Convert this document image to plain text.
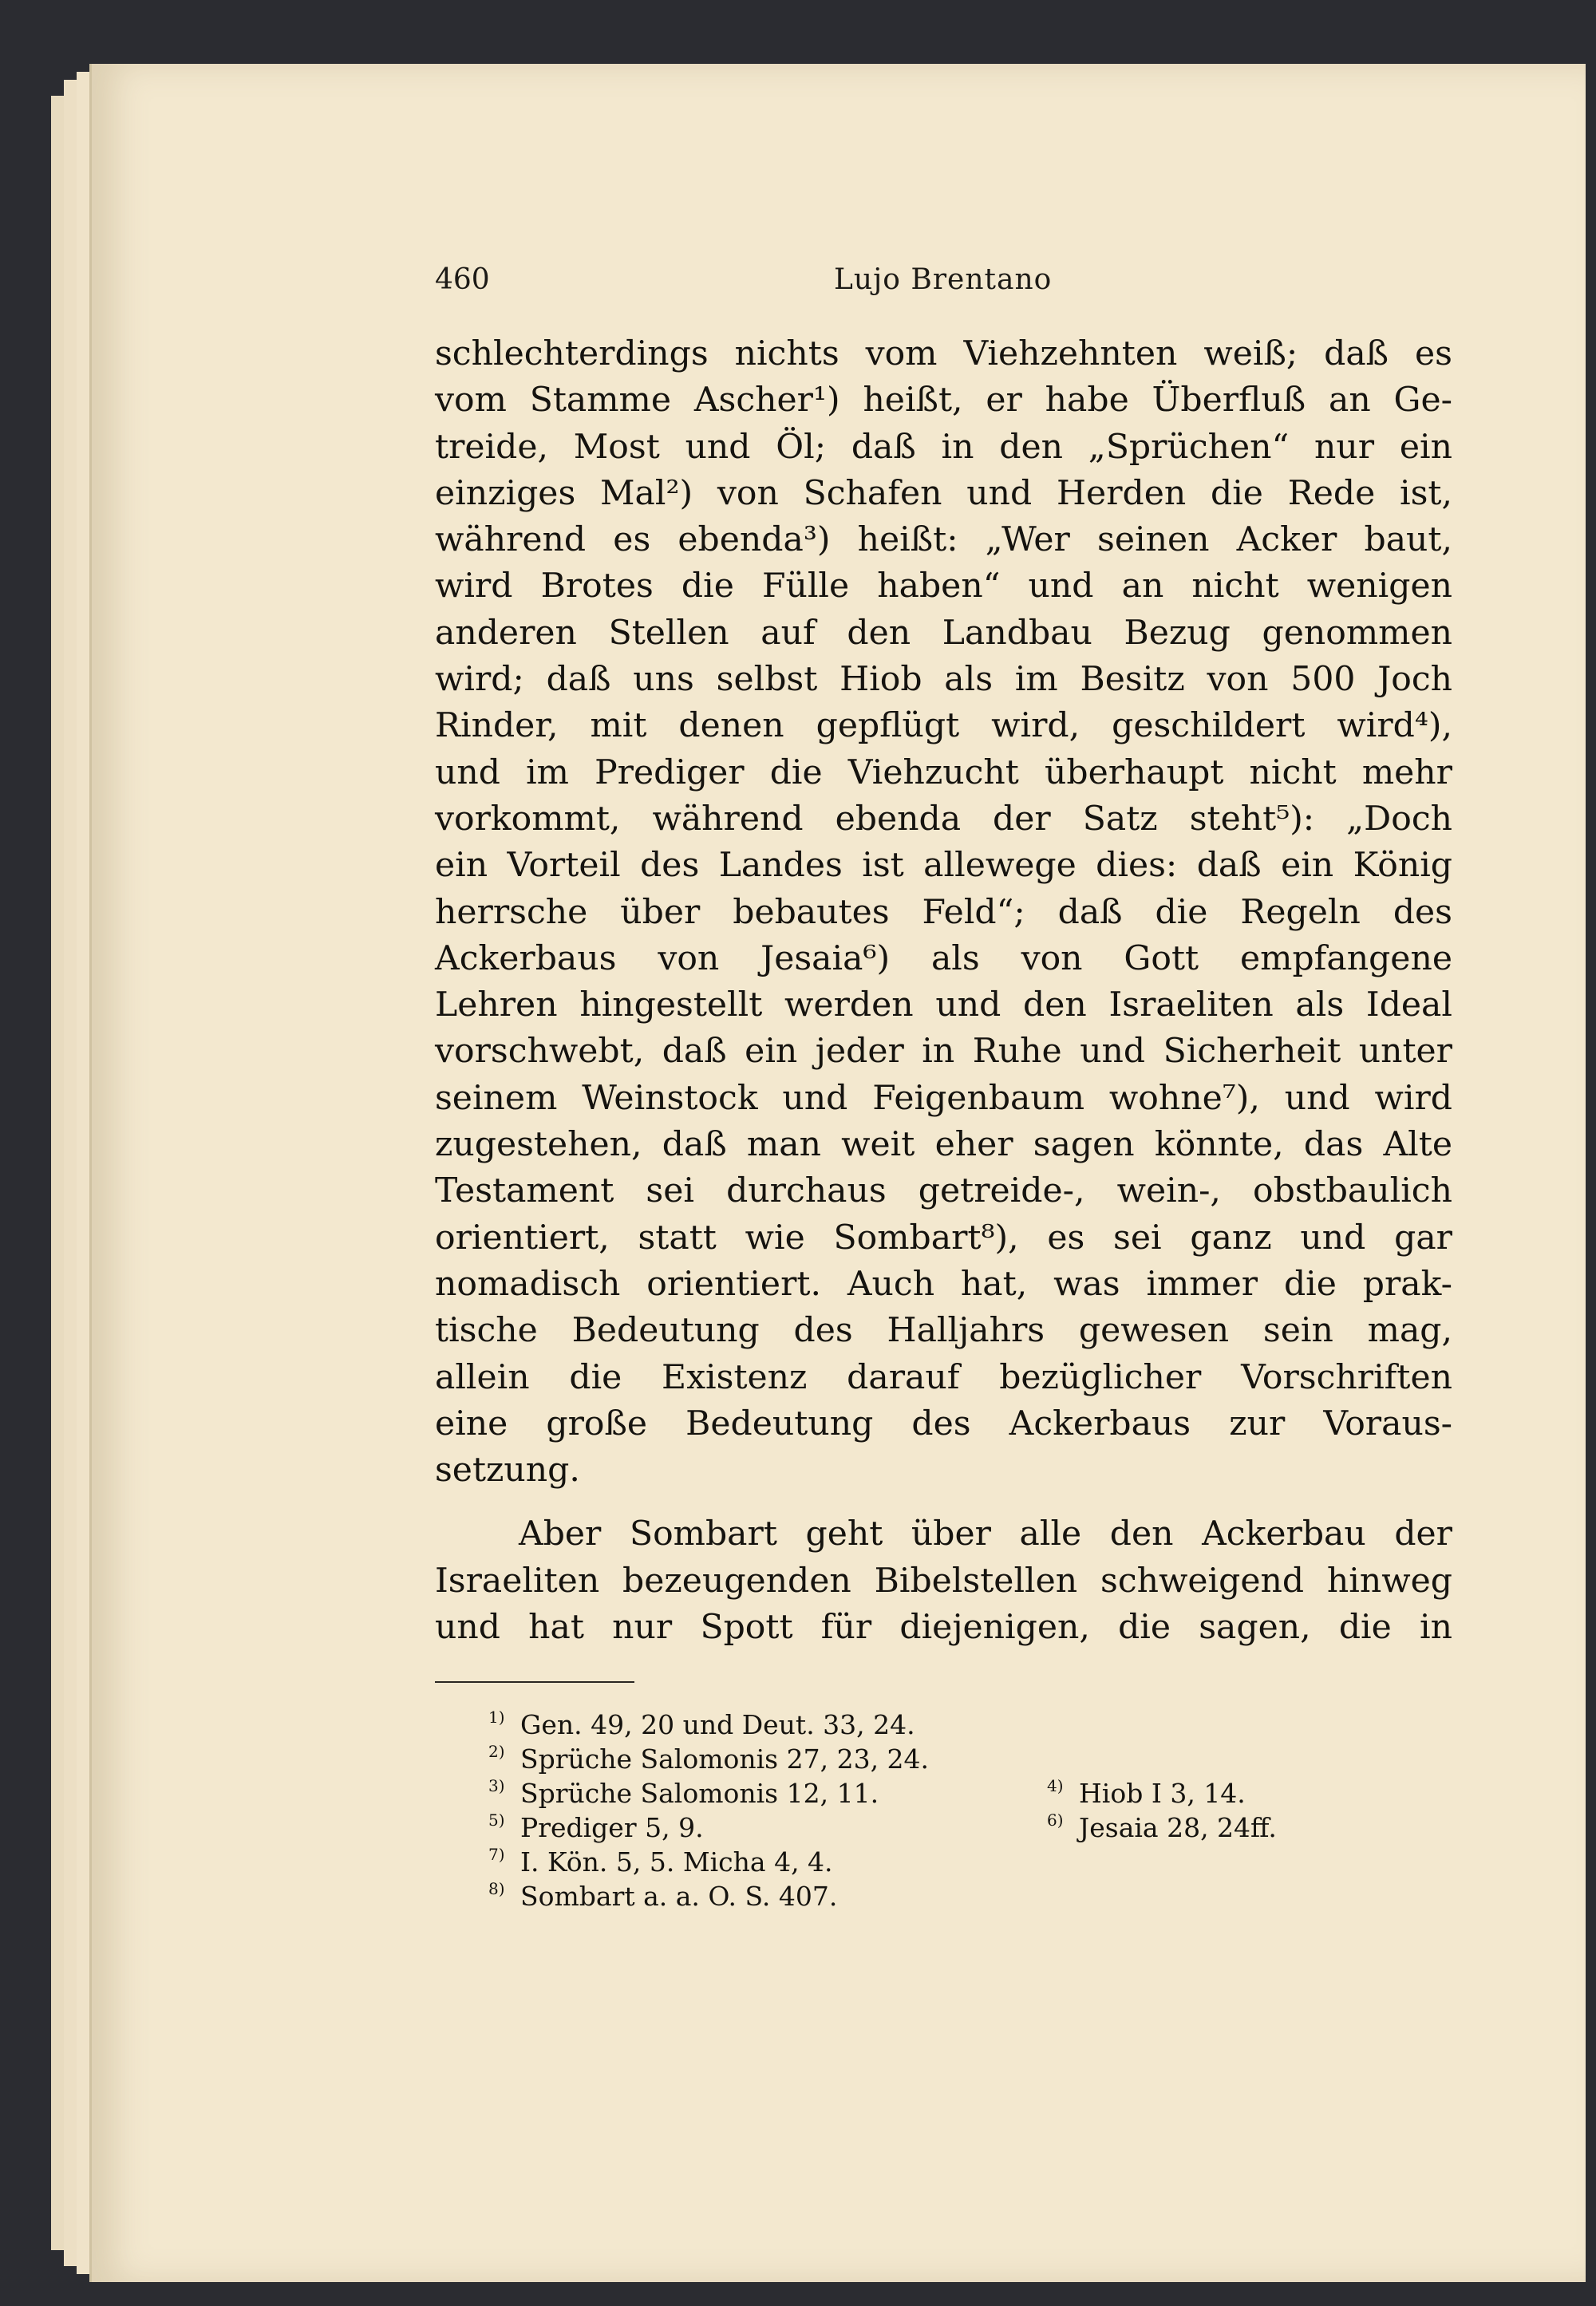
460	Lujo Brentano
schlechterdings nichts vom Viehzehnten weiß; daß es
vom Stamme Ascher¹) heißt, er habe Überfluß an Ge-
treide, Most und Öl; daß in den „Sprüchen“ nur ein
einziges Mal²) von Schafen und Herden die Rede ist,
während es ebenda³) heißt: „Wer seinen Acker baut,
wird Brotes die Fülle haben“ und an nicht wenigen
anderen Stellen auf den Landbau Bezug genommen
wird; daß uns selbst Hiob als im Besitz von 500 Joch
Rinder, mit denen gepflügt wird, geschildert wird⁴),
und im Prediger die Viehzucht überhaupt nicht mehr
vorkommt, während ebenda der Satz steht⁵): „Doch
ein Vorteil des Landes ist allewege dies: daß ein König
herrsche über bebautes Feld“; daß die Regeln des
Ackerbaus von Jesaia⁶) als von Gott empfangene
Lehren hingestellt werden und den Israeliten als Ideal
vorschwebt, daß ein jeder in Ruhe und Sicherheit unter
seinem Weinstock und Feigenbaum wohne⁷), und wird
zugestehen, daß man weit eher sagen könnte, das Alte
Testament sei durchaus getreide-, wein-, obstbaulich
orientiert, statt wie Sombart⁸), es sei ganz und gar
nomadisch orientiert. Auch hat, was immer die prak-
tische Bedeutung des Halljahrs gewesen sein mag,
allein die Existenz darauf bezüglicher Vorschriften
eine große Bedeutung des Ackerbaus zur Voraus-
setzung.
Aber Sombart geht über alle den Ackerbau der
Israeliten bezeugenden Bibelstellen schweigend hinweg
und hat nur Spott für diejenigen, die sagen, die in
1) Gen. 49, 20 und Deut. 33, 24.
2) Sprüche Salomonis 27, 23, 24.
3) Sprüche Salomonis 12, 11.	4) Hiob I 3, 14.
5) Prediger 5, 9.	6) Jesaia 28, 24ff.
7) I. Kön. 5, 5. Micha 4, 4.
8) Sombart a. a. O. S. 407.
